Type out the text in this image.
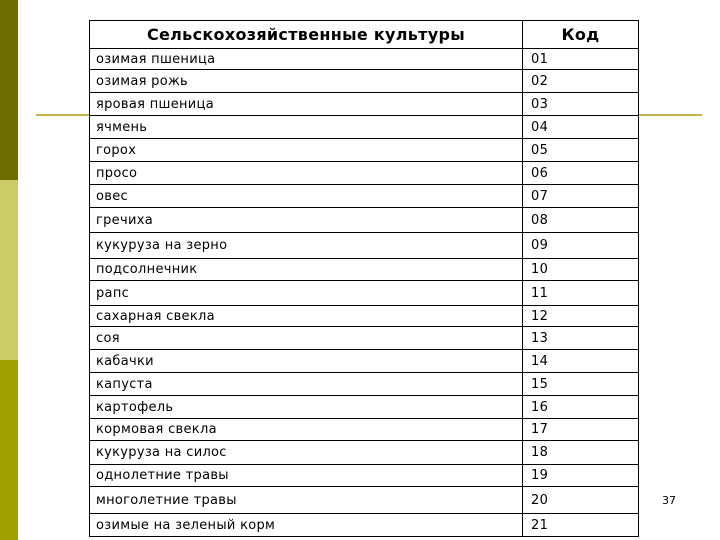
Сельскохозяйственные культуры	Код
озимая пшеница	01
озимая рожь	02
яровая пшеница	03
ячмень	04
горох	05
просо	06
овес	07
гречиха	08
кукуруза на зерно	09
подсолнечник	10
рапс	11
сахарная свекла	12
соя	13
кабачки	14
капуста	15
картофель	16
кормовая свекла	17
кукуруза на силос	18
однолетние травы	19
многолетние травы	20
озимые на зеленый корм	21
37
